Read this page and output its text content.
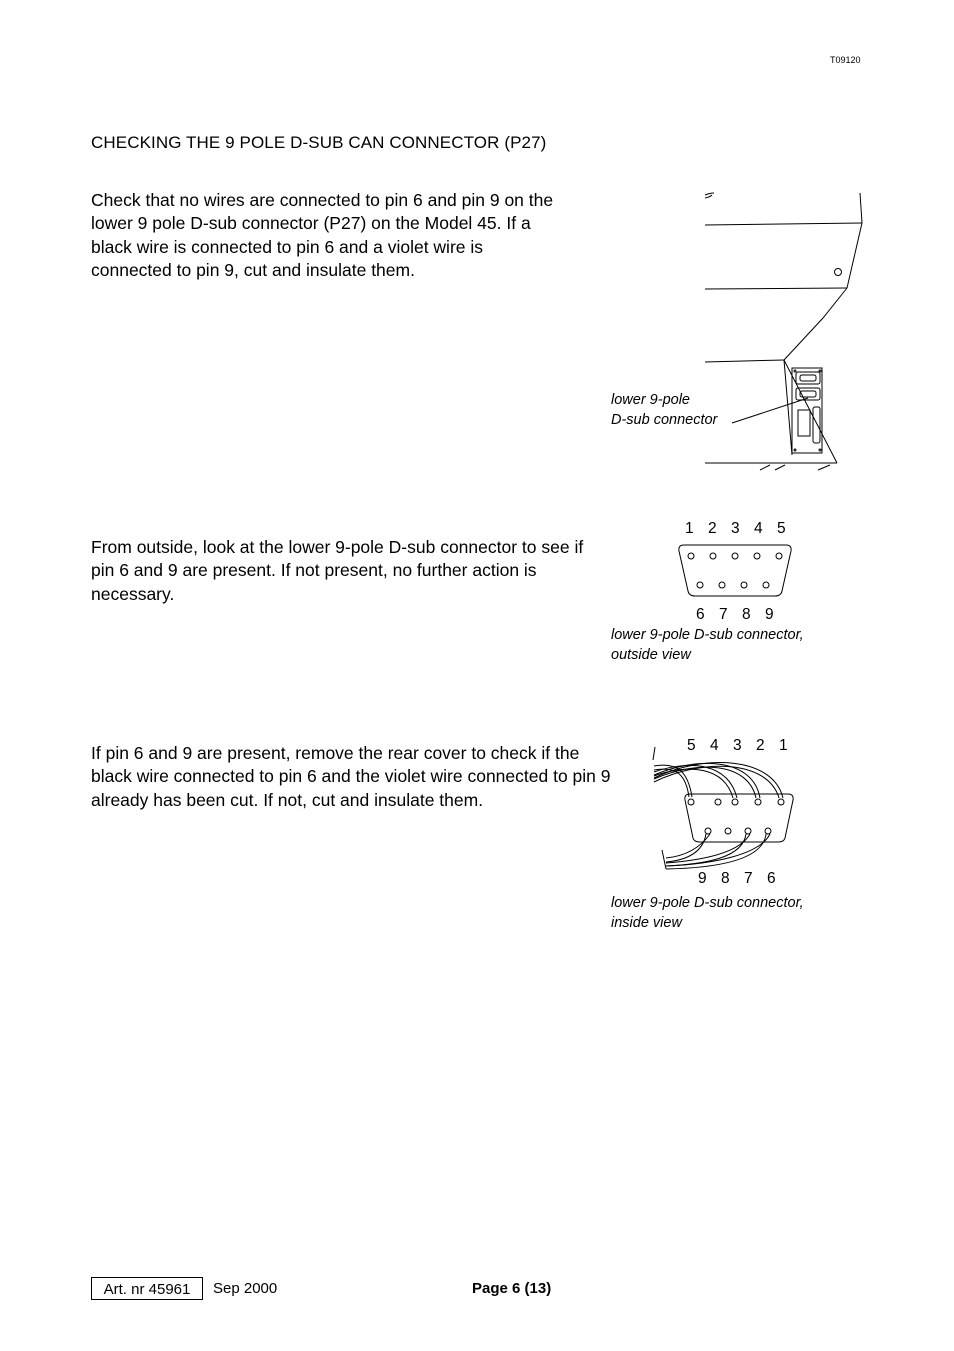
T09120
CHECKING THE 9 POLE D-SUB CAN CONNECTOR (P27)

Check that no wires are connected to pin 6 and pin 9 on the lower 9 pole D-sub connector (P27) on the Model 45. If a black wire is connected to pin 6 and a violet wire is connected to pin 9, cut and insulate them.

From outside, look at the lower 9-pole D-sub connector to see if pin 6 and 9 are present. If not present, no further action is necessary.

If pin 6 and 9 are present, remove the rear cover to check if the black wire connected to pin 6 and the violet wire connected to pin 9 already has been cut. If not, cut and insulate them.

lower 9-pole
D-sub connector
1 2 3 4 5
6 7 8 9
lower 9-pole D-sub connector,
outside view
5 4 3 2 1
9 8 7 6
lower 9-pole D-sub connector,
inside view
Art. nr 45961	Sep 2000	Page 6 (13)
